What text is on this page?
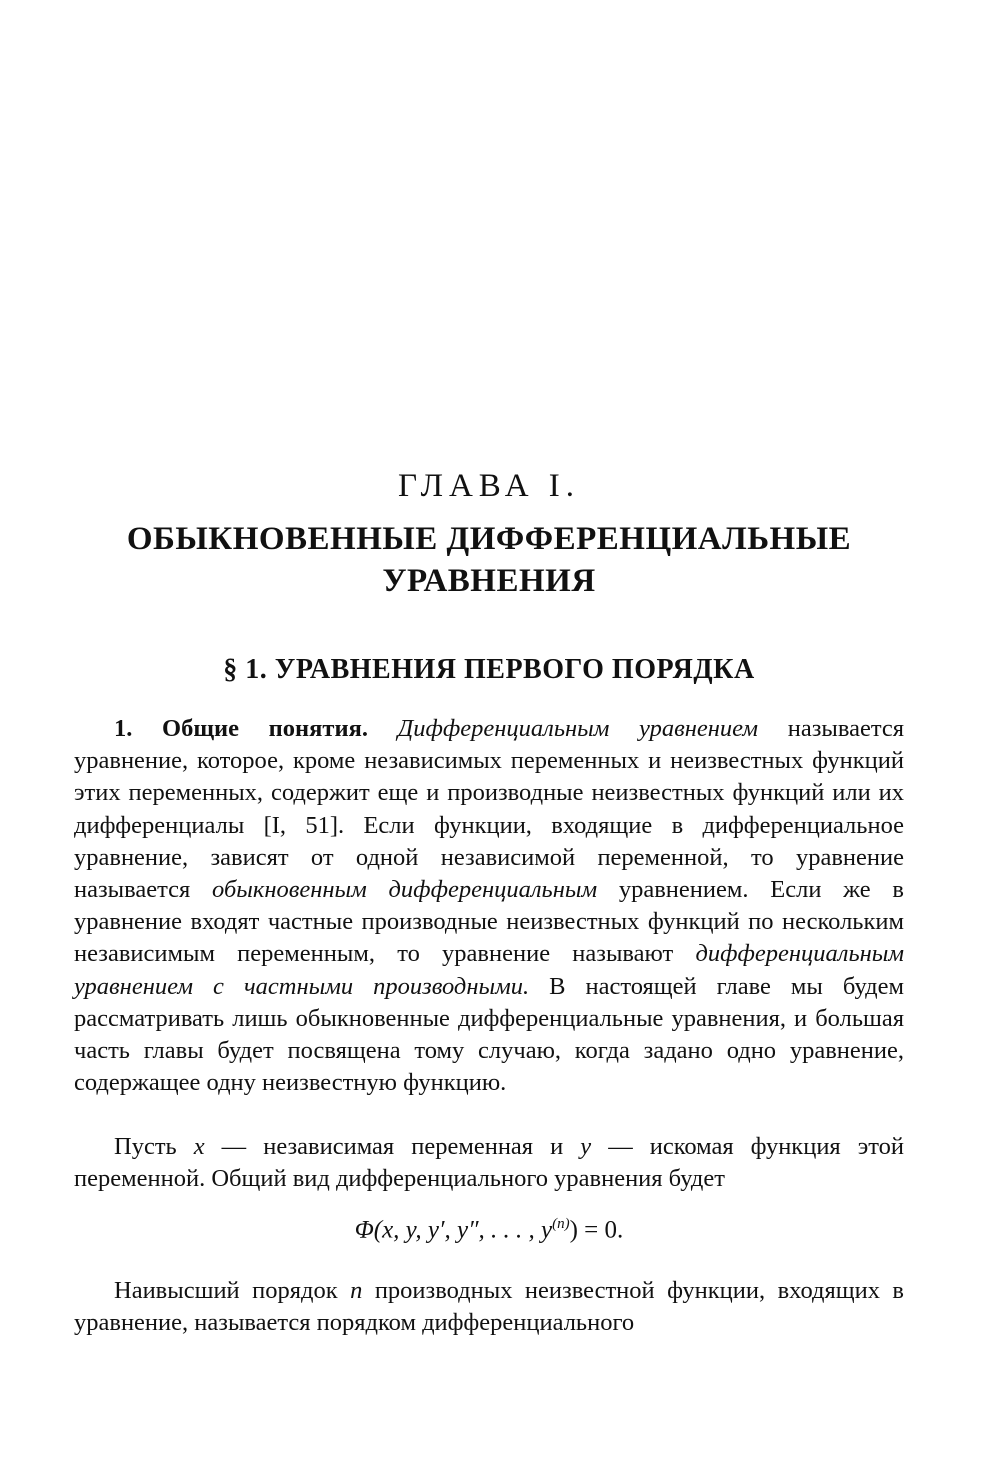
ГЛАВА I.
ОБЫКНОВЕННЫЕ ДИФФЕРЕНЦИАЛЬНЫЕ
УРАВНЕНИЯ
§ 1. УРАВНЕНИЯ ПЕРВОГО ПОРЯДКА
1. Общие понятия. Дифференциальным уравнением называется уравнение, которое, кроме независимых переменных и неизвестных функций этих переменных, содержит еще и производные неизвестных функций или их дифференциалы [I, 51]. Если функции, входящие в дифференциальное уравнение, зависят от одной независимой переменной, то уравнение называется обыкновенным дифференциальным уравнением. Если же в уравнение входят частные производные неизвестных функций по нескольким независимым переменным, то уравнение называют дифференциальным уравнением с частными производными. В настоящей главе мы будем рассматривать лишь обыкновенные дифференциальные уравнения, и большая часть главы будет посвящена тому случаю, когда задано одно уравнение, содержащее одну неизвестную функцию.
Пусть x — независимая переменная и y — искомая функция этой переменной. Общий вид дифференциального уравнения будет
Φ(x, y, y′, y″, . . . , $y^{(n)}) = 0$.
Наивысший порядок n производных неизвестной функции, входящих в уравнение, называется порядком дифференциального
